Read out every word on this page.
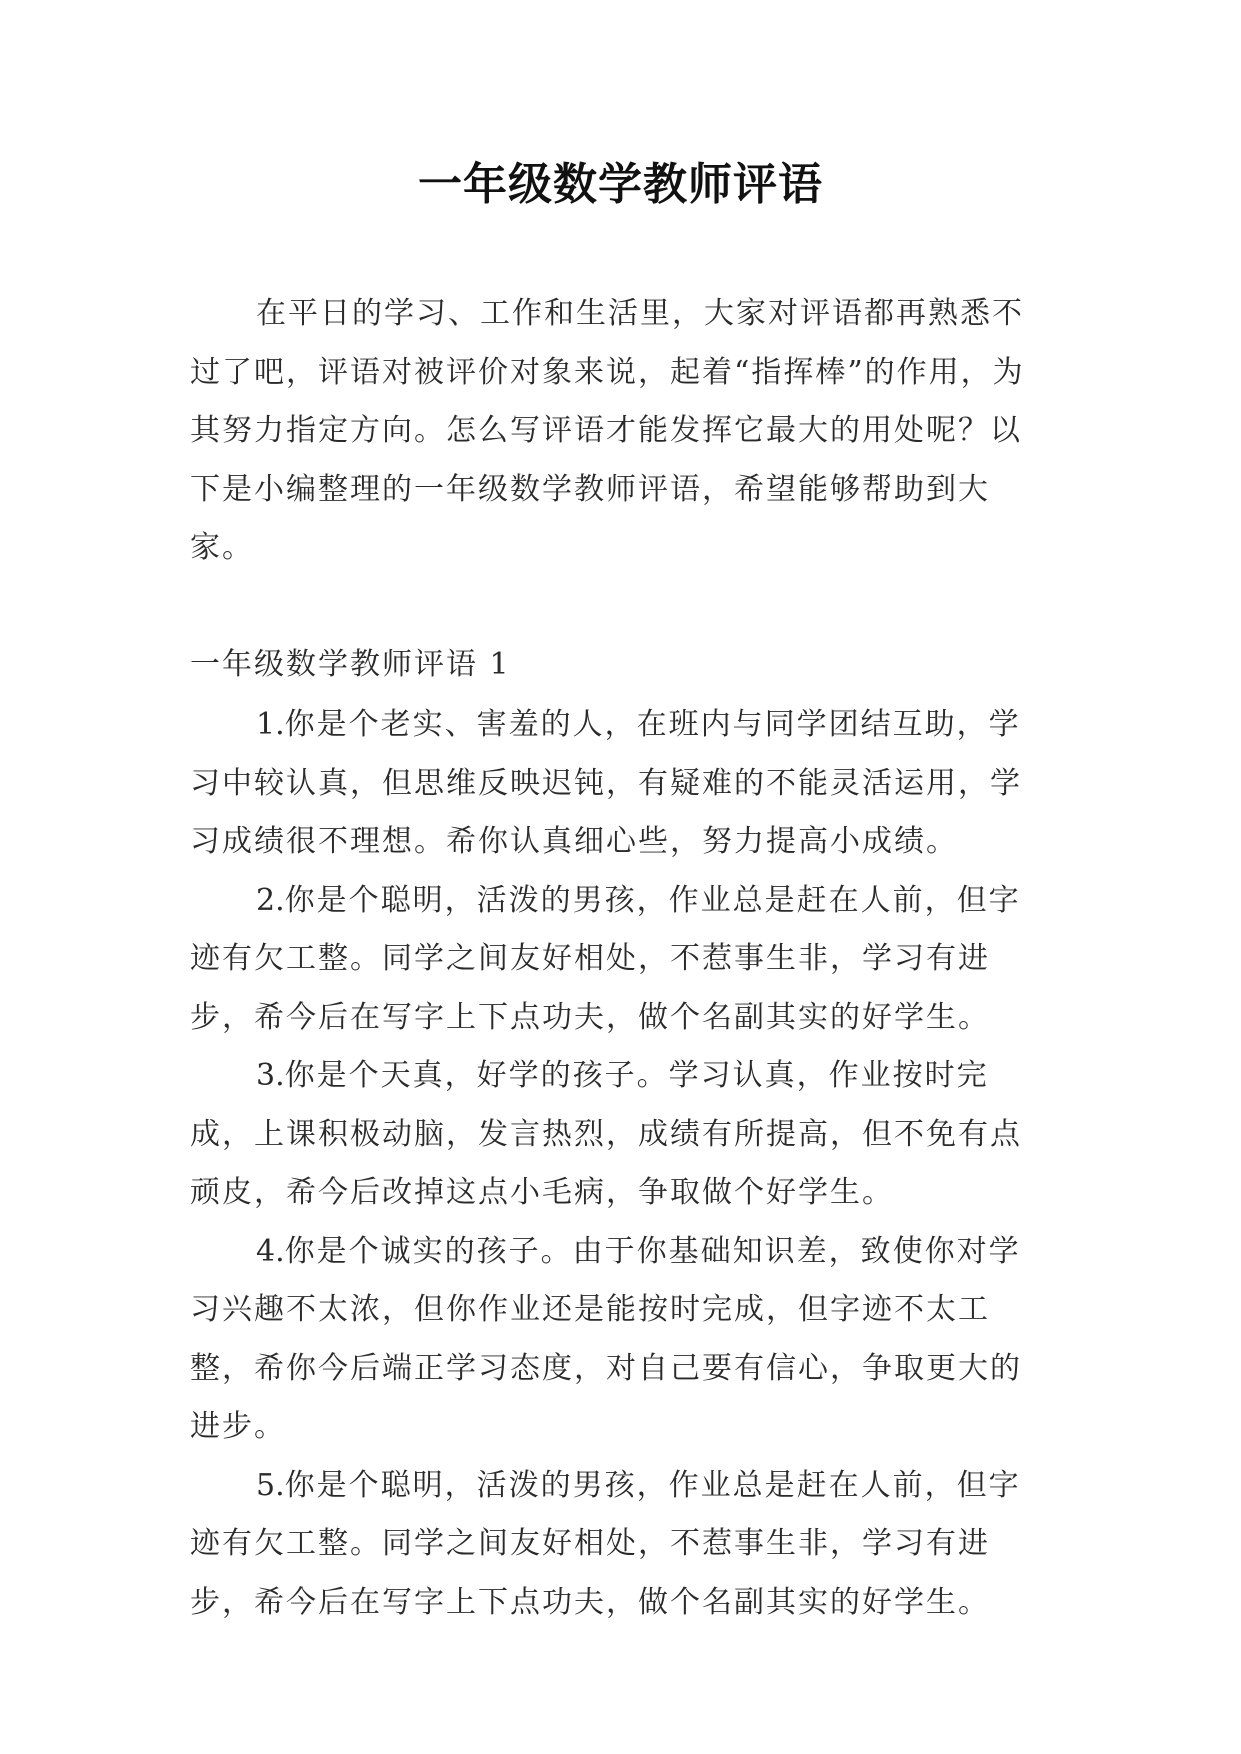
一年级数学教师评语
在平日的学习、工作和生活里，大家对评语都再熟悉不过了吧，评语对被评价对象来说，起着“指挥棒”的作用，为其努力指定方向。怎么写评语才能发挥它最大的用处呢？以下是小编整理的一年级数学教师评语，希望能够帮助到大家。
一年级数学教师评语 1

1.你是个老实、害羞的人，在班内与同学团结互助，学习中较认真，但思维反映迟钝，有疑难的不能灵活运用，学习成绩很不理想。希你认真细心些，努力提高小成绩。

2.你是个聪明，活泼的男孩，作业总是赶在人前，但字迹有欠工整。同学之间友好相处，不惹事生非，学习有进步，希今后在写字上下点功夫，做个名副其实的好学生。

3.你是个天真，好学的孩子。学习认真，作业按时完成，上课积极动脑，发言热烈，成绩有所提高，但不免有点顽皮，希今后改掉这点小毛病，争取做个好学生。

4.你是个诚实的孩子。由于你基础知识差，致使你对学习兴趣不太浓，但你作业还是能按时完成，但字迹不太工整，希你今后端正学习态度，对自己要有信心，争取更大的进步。

5.你是个聪明，活泼的男孩，作业总是赶在人前，但字迹有欠工整。同学之间友好相处，不惹事生非，学习有进步，希今后在写字上下点功夫，做个名副其实的好学生。
